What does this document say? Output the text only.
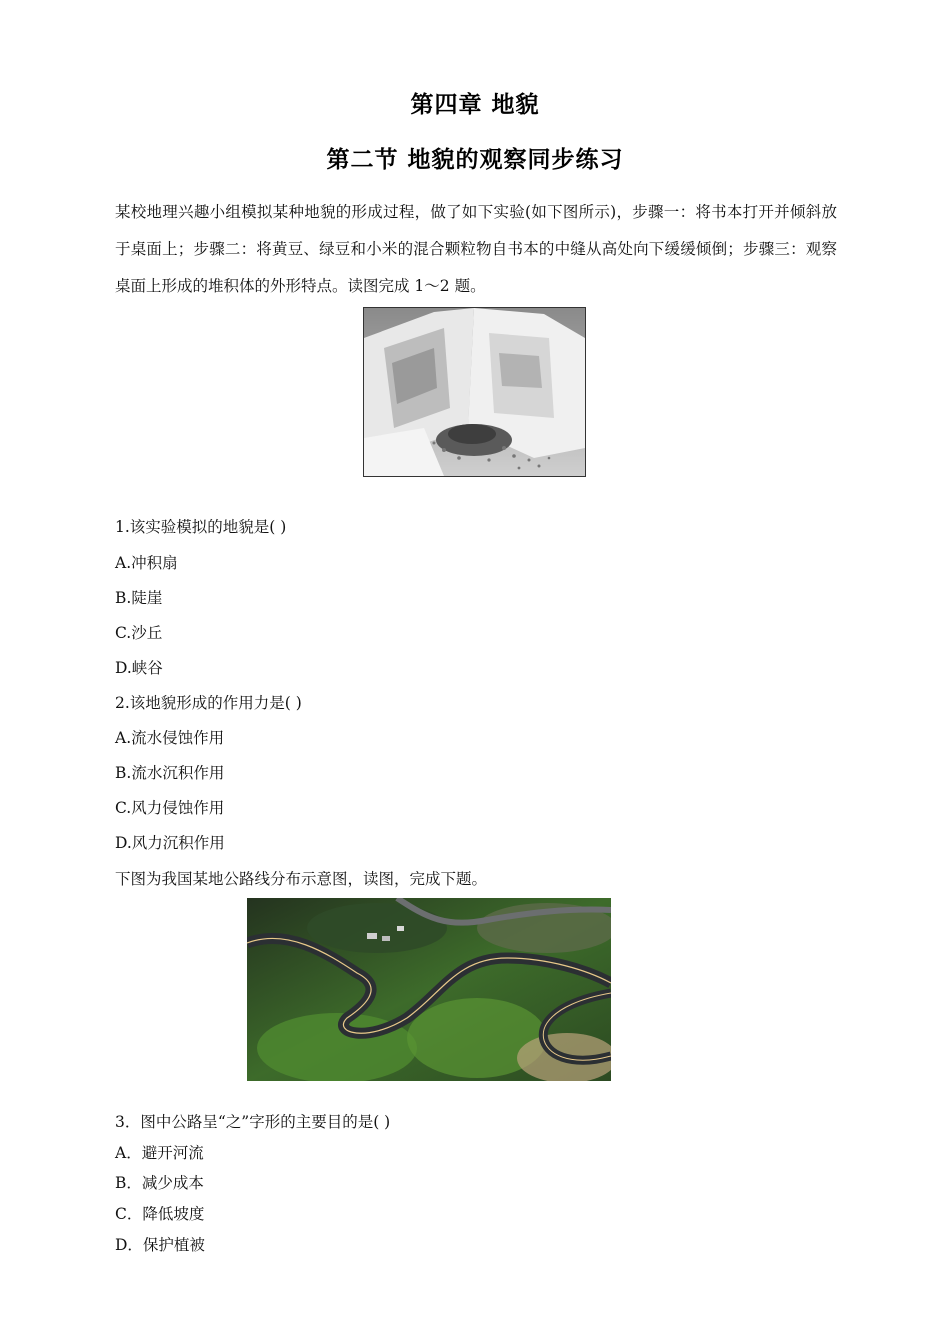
第四章 地貌
第二节 地貌的观察同步练习
某校地理兴趣小组模拟某种地貌的形成过程，做了如下实验(如下图所示)，步骤一：将书本打开并倾斜放于桌面上；步骤二：将黄豆、绿豆和小米的混合颗粒物自书本的中缝从高处向下缓缓倾倒；步骤三：观察桌面上形成的堆积体的外形特点。读图完成 1～2 题。
1.该实验模拟的地貌是( )
A.冲积扇
B.陡崖
C.沙丘
D.峡谷
2.该地貌形成的作用力是( )
A.流水侵蚀作用
B.流水沉积作用
C.风力侵蚀作用
D.风力沉积作用
下图为我国某地公路线分布示意图，读图，完成下题。
3．图中公路呈“之”字形的主要目的是( )
A．避开河流
B．减少成本
C．降低坡度
D．保护植被
